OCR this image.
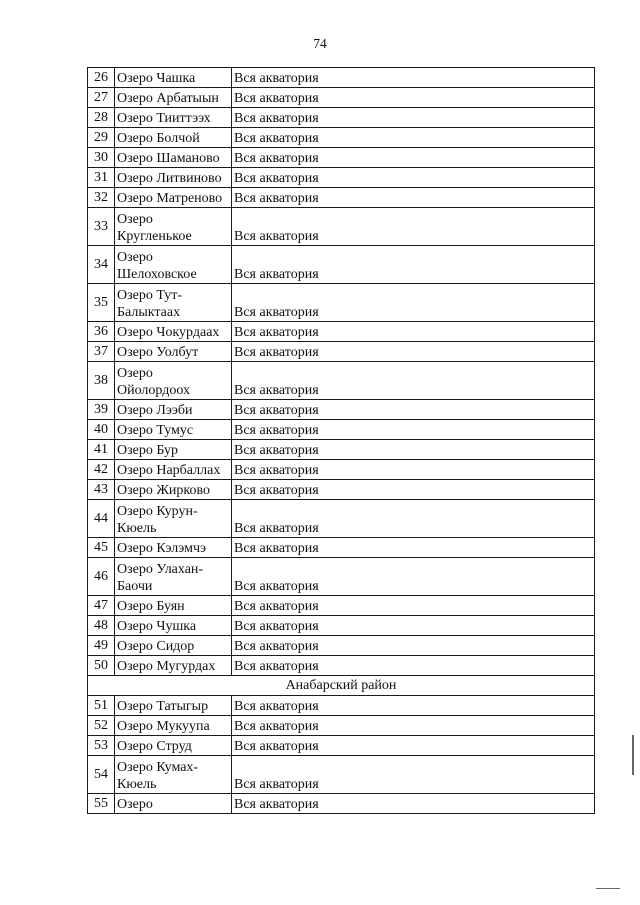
74
26	Озеро Чашка	Вся акватория
27	Озеро Арбатыын	Вся акватория
28	Озеро Тииттээх	Вся акватория
29	Озеро Болчой	Вся акватория
30	Озеро Шаманово	Вся акватория
31	Озеро Литвиново	Вся акватория
32	Озеро Матреново	Вся акватория
33	Озеро Кругленькое	Вся акватория
34	Озеро Шелоховское	Вся акватория
35	Озеро Тут-Балыктаах	Вся акватория
36	Озеро Чокурдаах	Вся акватория
37	Озеро Уолбут	Вся акватория
38	Озеро Ойолордоох	Вся акватория
39	Озеро Лээби	Вся акватория
40	Озеро Тумус	Вся акватория
41	Озеро Бур	Вся акватория
42	Озеро Нарбаллах	Вся акватория
43	Озеро Жирково	Вся акватория
44	Озеро Курун-Кюель	Вся акватория
45	Озеро Кэлэмчэ	Вся акватория
46	Озеро Улахан-Баочи	Вся акватория
47	Озеро Буян	Вся акватория
48	Озеро Чушка	Вся акватория
49	Озеро Сидор	Вся акватория
50	Озеро Мугурдах	Вся акватория
Анабарский район		
51	Озеро Татыгыр	Вся акватория
52	Озеро Мукуупа	Вся акватория
53	Озеро Струд	Вся акватория
54	Озеро Кумах-Кюель	Вся акватория
55	Озеро	Вся акватория
